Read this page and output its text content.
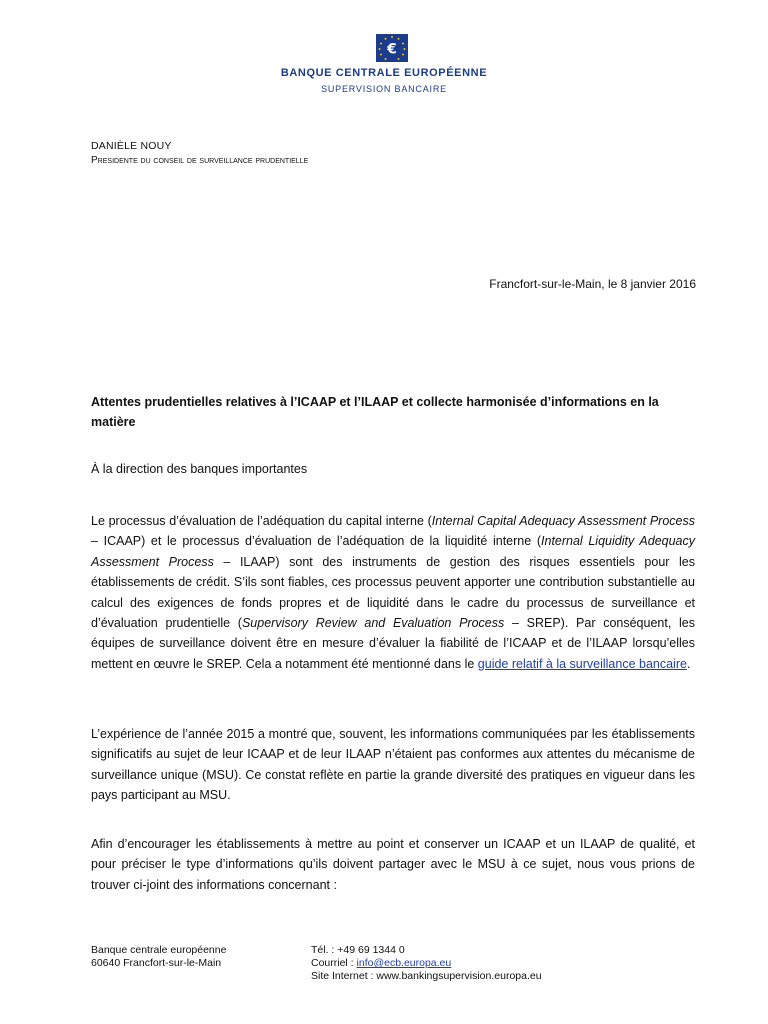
€
BANQUE CENTRALE EUROPÉENNE
SUPERVISION BANCAIRE
DANIÈLE NOUY
Presidente du conseil de surveillance prudentielle
Francfort-sur-le-Main, le 8 janvier 2016
Attentes prudentielles relatives à l’ICAAP et l’ILAAP et collecte harmonisée d’informations en la matière
À la direction des banques importantes
Le processus d’évaluation de l’adéquation du capital interne (Internal Capital Adequacy Assessment Process – ICAAP) et le processus d’évaluation de l’adéquation de la liquidité interne (Internal Liquidity Adequacy Assessment Process – ILAAP) sont des instruments de gestion des risques essentiels pour les établissements de crédit. S’ils sont fiables, ces processus peuvent apporter une contribution substantielle au calcul des exigences de fonds propres et de liquidité dans le cadre du processus de surveillance et d’évaluation prudentielle (Supervisory Review and Evaluation Process – SREP). Par conséquent, les équipes de surveillance doivent être en mesure d’évaluer la fiabilité de l’ICAAP et de l’ILAAP lorsqu’elles mettent en œuvre le SREP. Cela a notamment été mentionné dans le guide relatif à la surveillance bancaire.
L’expérience de l’année 2015 a montré que, souvent, les informations communiquées par les établissements significatifs au sujet de leur ICAAP et de leur ILAAP n’étaient pas conformes aux attentes du mécanisme de surveillance unique (MSU). Ce constat reflète en partie la grande diversité des pratiques en vigueur dans les pays participant au MSU.
Afin d’encourager les établissements à mettre au point et conserver un ICAAP et un ILAAP de qualité, et pour préciser le type d’informations qu’ils doivent partager avec le MSU à ce sujet, nous vous prions de trouver ci-joint des informations concernant :
Banque centrale européenne
60640 Francfort-sur-le-Main
Tél. : +49 69 1344 0
Courriel : info@ecb.europa.eu
Site Internet : www.bankingsupervision.europa.eu
